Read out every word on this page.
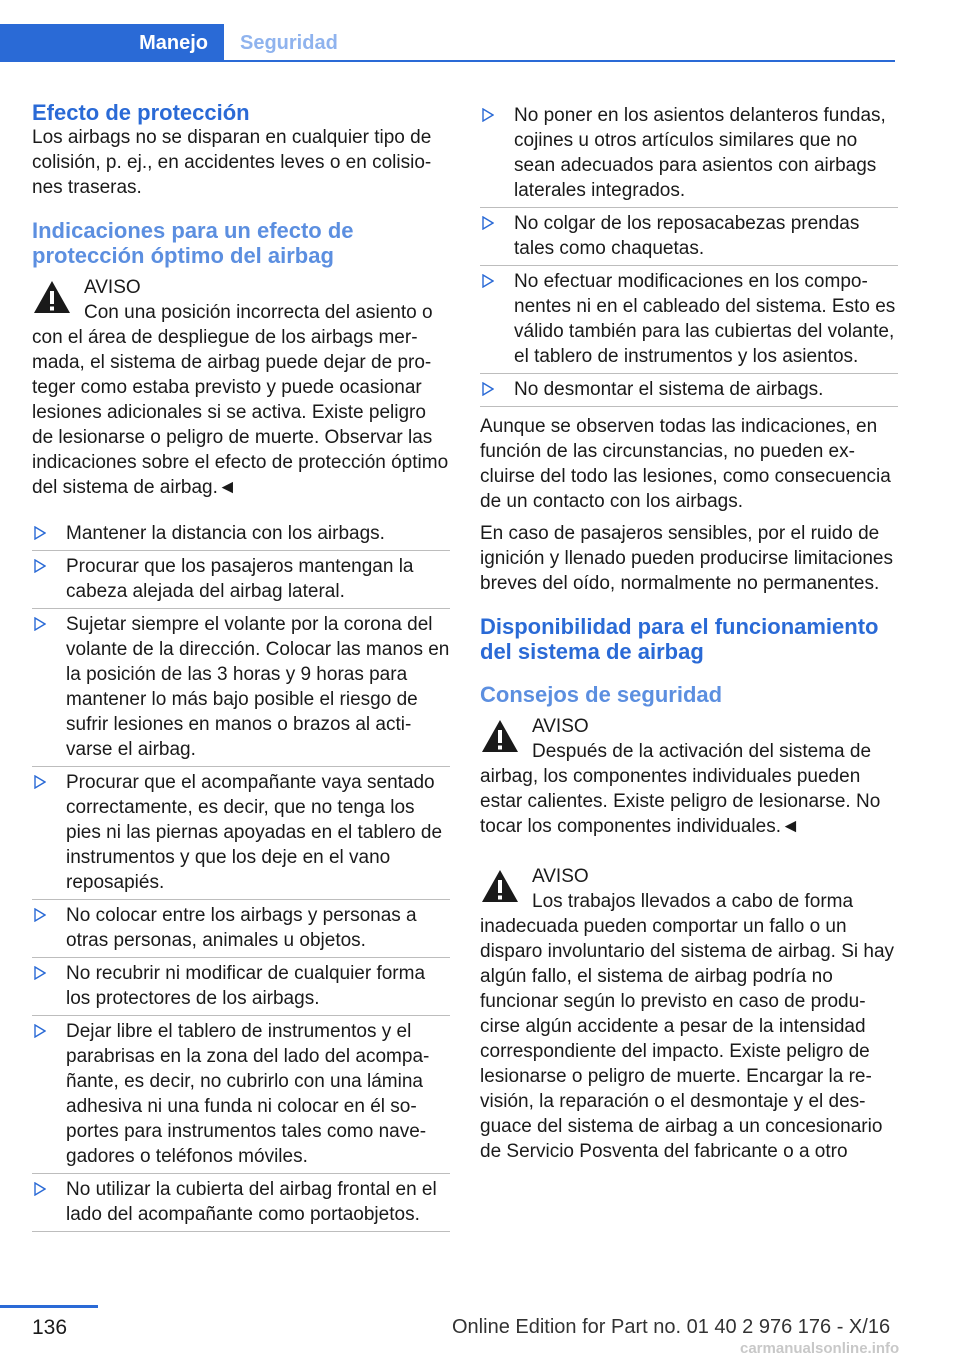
Manejo	Seguridad
Efecto de protección

Los airbags no se disparan en cualquier tipo de colisión, p. ej., en accidentes leves o en colisiones traseras.

Indicaciones para un efecto de
protección óptimo del airbag
AVISO
Con una posición incorrecta del asiento o
con el área de despliegue de los airbags mermada, el sistema de airbag puede dejar de proteger como estaba previsto y puede ocasionar lesiones adicionales si se activa. Existe peligro de lesionarse o peligro de muerte. Observar las indicaciones sobre el efecto de protección óptimo del sistema de airbag.◄
Mantener la distancia con los airbags.
Procurar que los pasajeros mantengan la cabeza alejada del airbag lateral.
Sujetar siempre el volante por la corona del volante de la dirección. Colocar las manos en la posición de las 3 horas y 9 horas para mantener lo más bajo posible el riesgo de sufrir lesiones en manos o brazos al activarse el airbag.
Procurar que el acompañante vaya sentado correctamente, es decir, que no tenga los pies ni las piernas apoyadas en el tablero de instrumentos y que los deje en el vano reposapiés.
No colocar entre los airbags y personas a otras personas, animales u objetos.
No recubrir ni modificar de cualquier forma los protectores de los airbags.
Dejar libre el tablero de instrumentos y el parabrisas en la zona del lado del acompañante, es decir, no cubrirlo con una lámina adhesiva ni una funda ni colocar en él soportes para instrumentos tales como navegadores o teléfonos móviles.
No utilizar la cubierta del airbag frontal en el lado del acompañante como portaobjetos.
No poner en los asientos delanteros fundas, cojines u otros artículos similares que no sean adecuados para asientos con airbags laterales integrados.
No colgar de los reposacabezas prendas tales como chaquetas.
No efectuar modificaciones en los componentes ni en el cableado del sistema. Esto es válido también para las cubiertas del volante, el tablero de instrumentos y los asientos.
No desmontar el sistema de airbags.

Aunque se observen todas las indicaciones, en función de las circunstancias, no pueden excluirse del todo las lesiones, como consecuencia de un contacto con los airbags.

En caso de pasajeros sensibles, por el ruido de ignición y llenado pueden producirse limitaciones breves del oído, normalmente no permanentes.

Disponibilidad para el funcionamiento
del sistema de airbag
Consejos de seguridad
AVISO
Después de la activación del sistema de
airbag, los componentes individuales pueden estar calientes. Existe peligro de lesionarse. No tocar los componentes individuales.◄
AVISO
Los trabajos llevados a cabo de forma
inadecuada pueden comportar un fallo o un disparo involuntario del sistema de airbag. Si hay algún fallo, el sistema de airbag podría no funcionar según lo previsto en caso de producirse algún accidente a pesar de la intensidad correspondiente del impacto. Existe peligro de lesionarse o peligro de muerte. Encargar la revisión, la reparación o el desmontaje y el desguace del sistema de airbag a un concesionario de Servicio Posventa del fabricante o a otro
136	Online Edition for Part no. 01 40 2 976 176 - X/16
carmanualsonline.info
